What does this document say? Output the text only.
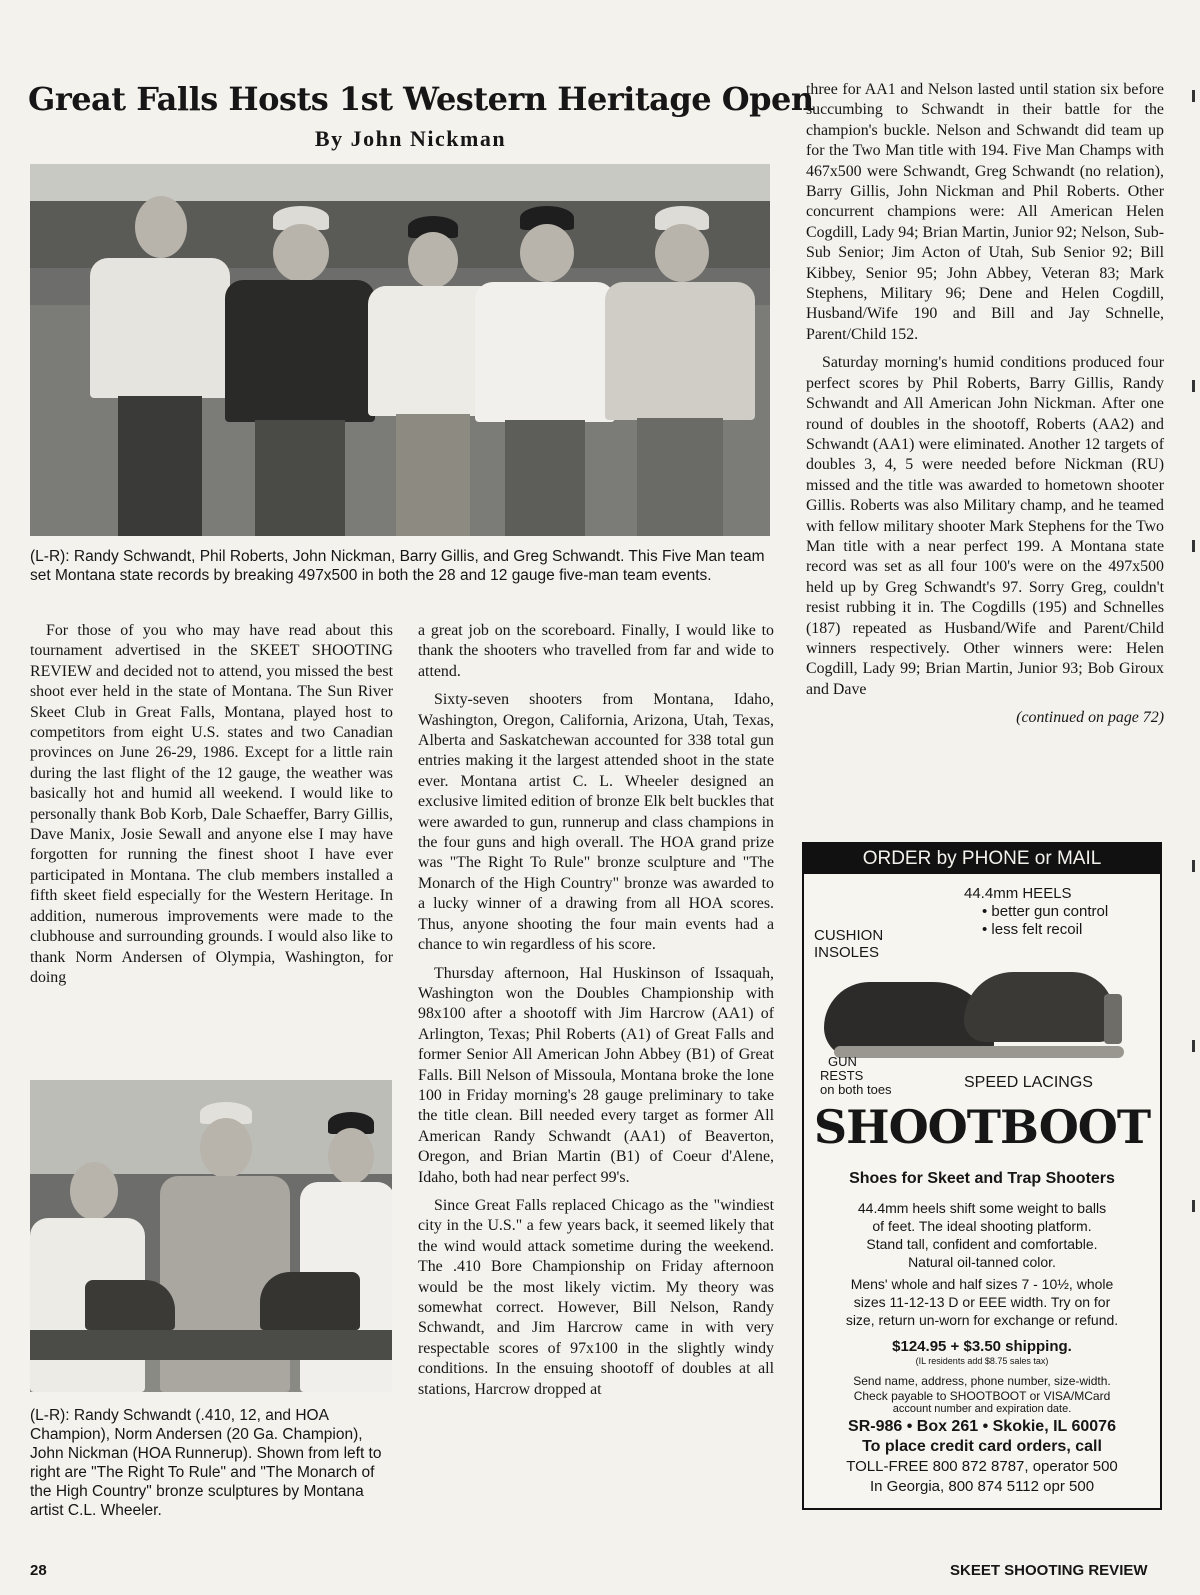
Great Falls Hosts 1st Western Heritage Open
By John Nickman

(L-R): Randy Schwandt, Phil Roberts, John Nickman, Barry Gillis, and Greg Schwandt. This Five Man team set Montana state records by breaking 497x500 in both the 28 and 12 gauge five-man team events.

For those of you who may have read about this tournament advertised in the SKEET SHOOTING REVIEW and decided not to attend, you missed the best shoot ever held in the state of Montana. The Sun River Skeet Club in Great Falls, Montana, played host to competitors from eight U.S. states and two Canadian provinces on June 26-29, 1986. Except for a little rain during the last flight of the 12 gauge, the weather was basically hot and humid all weekend. I would like to personally thank Bob Korb, Dale Schaeffer, Barry Gillis, Dave Manix, Josie Sewall and anyone else I may have forgotten for running the finest shoot I have ever participated in Montana. The club members installed a fifth skeet field especially for the Western Heritage. In addition, numerous improvements were made to the clubhouse and surrounding grounds. I would also like to thank Norm Andersen of Olympia, Washington, for doing

(L-R): Randy Schwandt (.410, 12, and HOA Champion), Norm Andersen (20 Ga. Champion), John Nickman (HOA Runnerup). Shown from left to right are "The Right To Rule" and "The Monarch of the High Country" bronze sculptures by Montana artist C.L. Wheeler.

a great job on the scoreboard. Finally, I would like to thank the shooters who travelled from far and wide to attend.

Sixty-seven shooters from Montana, Idaho, Washington, Oregon, California, Arizona, Utah, Texas, Alberta and Saskatchewan accounted for 338 total gun entries making it the largest attended shoot in the state ever. Montana artist C. L. Wheeler designed an exclusive limited edition of bronze Elk belt buckles that were awarded to gun, runnerup and class champions in the four guns and high overall. The HOA grand prize was "The Right To Rule" bronze sculpture and "The Monarch of the High Country" bronze was awarded to a lucky winner of a drawing from all HOA scores. Thus, anyone shooting the four main events had a chance to win regardless of his score.

Thursday afternoon, Hal Huskinson of Issaquah, Washington won the Doubles Championship with 98x100 after a shootoff with Jim Harcrow (AA1) of Arlington, Texas; Phil Roberts (A1) of Great Falls and former Senior All American John Abbey (B1) of Great Falls. Bill Nelson of Missoula, Montana broke the lone 100 in Friday morning's 28 gauge preliminary to take the title clean. Bill needed every target as former All American Randy Schwandt (AA1) of Beaverton, Oregon, and Brian Martin (B1) of Coeur d'Alene, Idaho, both had near perfect 99's.

Since Great Falls replaced Chicago as the "windiest city in the U.S." a few years back, it seemed likely that the wind would attack sometime during the weekend. The .410 Bore Championship on Friday afternoon would be the most likely victim. My theory was somewhat correct. However, Bill Nelson, Randy Schwandt, and Jim Harcrow came in with very respectable scores of 97x100 in the slightly windy conditions. In the ensuing shootoff of doubles at all stations, Harcrow dropped at

three for AA1 and Nelson lasted until station six before succumbing to Schwandt in their battle for the champion's buckle. Nelson and Schwandt did team up for the Two Man title with 194. Five Man Champs with 467x500 were Schwandt, Greg Schwandt (no relation), Barry Gillis, John Nickman and Phil Roberts. Other concurrent champions were: All American Helen Cogdill, Lady 94; Brian Martin, Junior 92; Nelson, Sub-Sub Senior; Jim Acton of Utah, Sub Senior 92; Bill Kibbey, Senior 95; John Abbey, Veteran 83; Mark Stephens, Military 96; Dene and Helen Cogdill, Husband/Wife 190 and Bill and Jay Schnelle, Parent/Child 152.

Saturday morning's humid conditions produced four perfect scores by Phil Roberts, Barry Gillis, Randy Schwandt and All American John Nickman. After one round of doubles in the shootoff, Roberts (AA2) and Schwandt (AA1) were eliminated. Another 12 targets of doubles 3, 4, 5 were needed before Nickman (RU) missed and the title was awarded to hometown shooter Gillis. Roberts was also Military champ, and he teamed with fellow military shooter Mark Stephens for the Two Man title with a near perfect 199. A Montana state record was set as all four 100's were on the 497x500 held up by Greg Schwandt's 97. Sorry Greg, couldn't resist rubbing it in. The Cogdills (195) and Schnelles (187) repeated as Husband/Wife and Parent/Child winners respectively. Other winners were: Helen Cogdill, Lady 99; Brian Martin, Junior 93; Bob Giroux and Dave

(continued on page 72)
ORDER by PHONE or MAIL
44.4mm HEELS
• better gun control
• less felt recoil
CUSHION
INSOLES
GUN
RESTS
on both toes	SPEED LACINGS
SHOOTBOOT
Shoes for Skeet and Trap Shooters
44.4mm heels shift some weight to balls
of feet. The ideal shooting platform.
Stand tall, confident and comfortable.
Natural oil-tanned color.
Mens' whole and half sizes 7 - 10½, whole
sizes 11-12-13 D or EEE width. Try on for
size, return un-worn for exchange or refund.
$124.95 + $3.50 shipping.
(IL residents add $8.75 sales tax)
Send name, address, phone number, size-width.
Check payable to SHOOTBOOT or VISA/MCard
account number and expiration date.
SR-986 • Box 261 • Skokie, IL 60076
To place credit card orders, call
TOLL-FREE 800 872 8787, operator 500
In Georgia, 800 874 5112 opr 500
28	SKEET SHOOTING REVIEW
